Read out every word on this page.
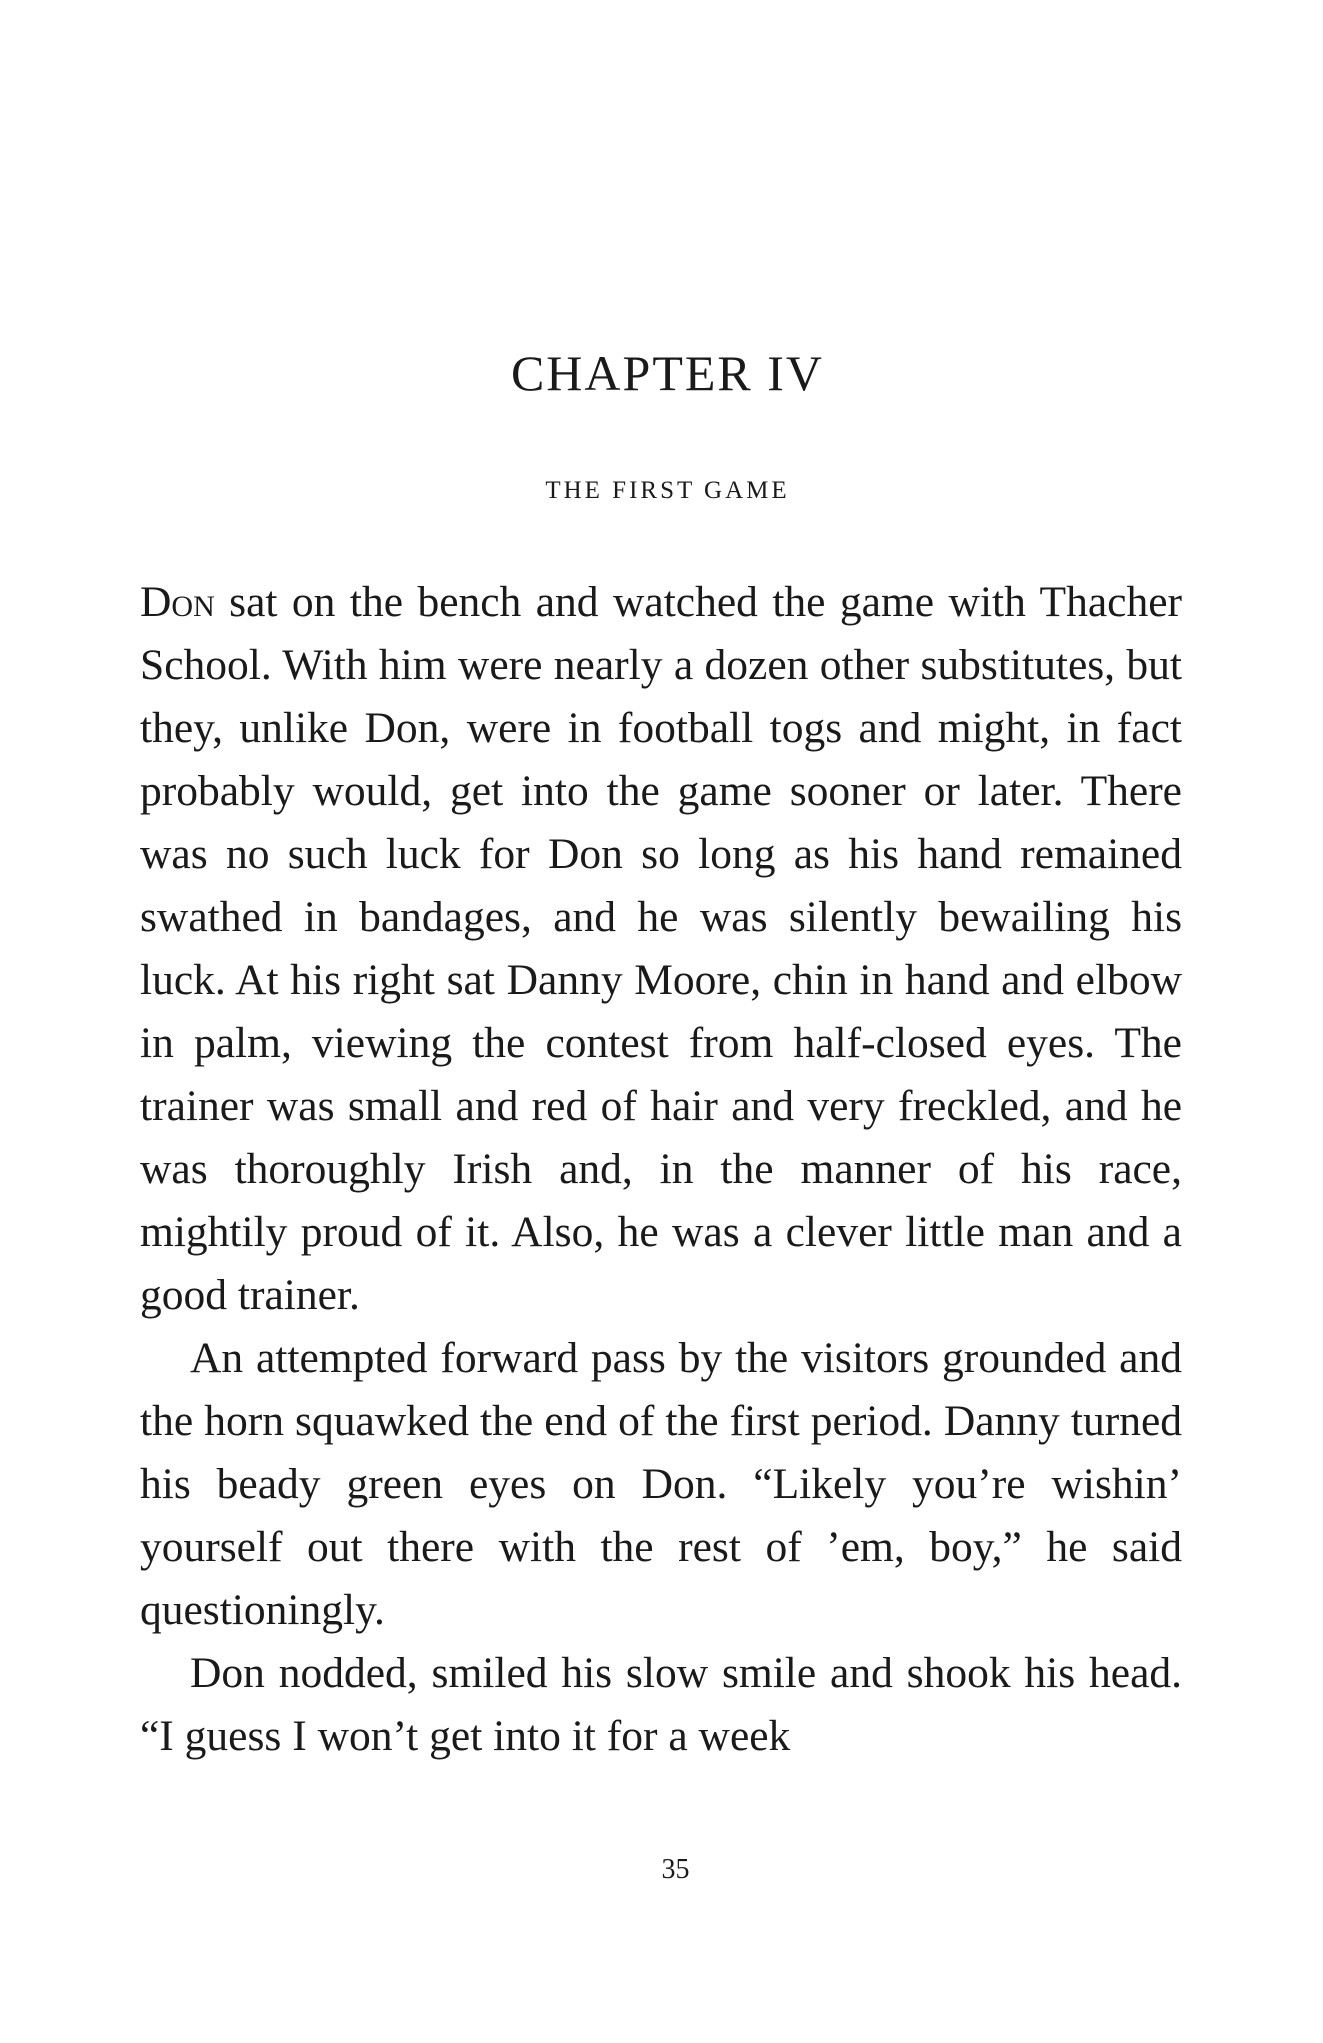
CHAPTER IV
THE FIRST GAME

Don sat on the bench and watched the game with Thacher School. With him were nearly a dozen other substitutes, but they, unlike Don, were in football togs and might, in fact probably would, get into the game sooner or later. There was no such luck for Don so long as his hand remained swathed in bandages, and he was silently bewailing his luck. At his right sat Danny Moore, chin in hand and elbow in palm, viewing the contest from half-closed eyes. The trainer was small and red of hair and very freckled, and he was thoroughly Irish and, in the manner of his race, mightily proud of it. Also, he was a clever little man and a good trainer.

An attempted forward pass by the visitors grounded and the horn squawked the end of the first period. Danny turned his beady green eyes on Don. “Likely you’re wishin’ yourself out there with the rest of ’em, boy,” he said questioningly.

Don nodded, smiled his slow smile and shook his head. “I guess I won’t get into it for a week

35
